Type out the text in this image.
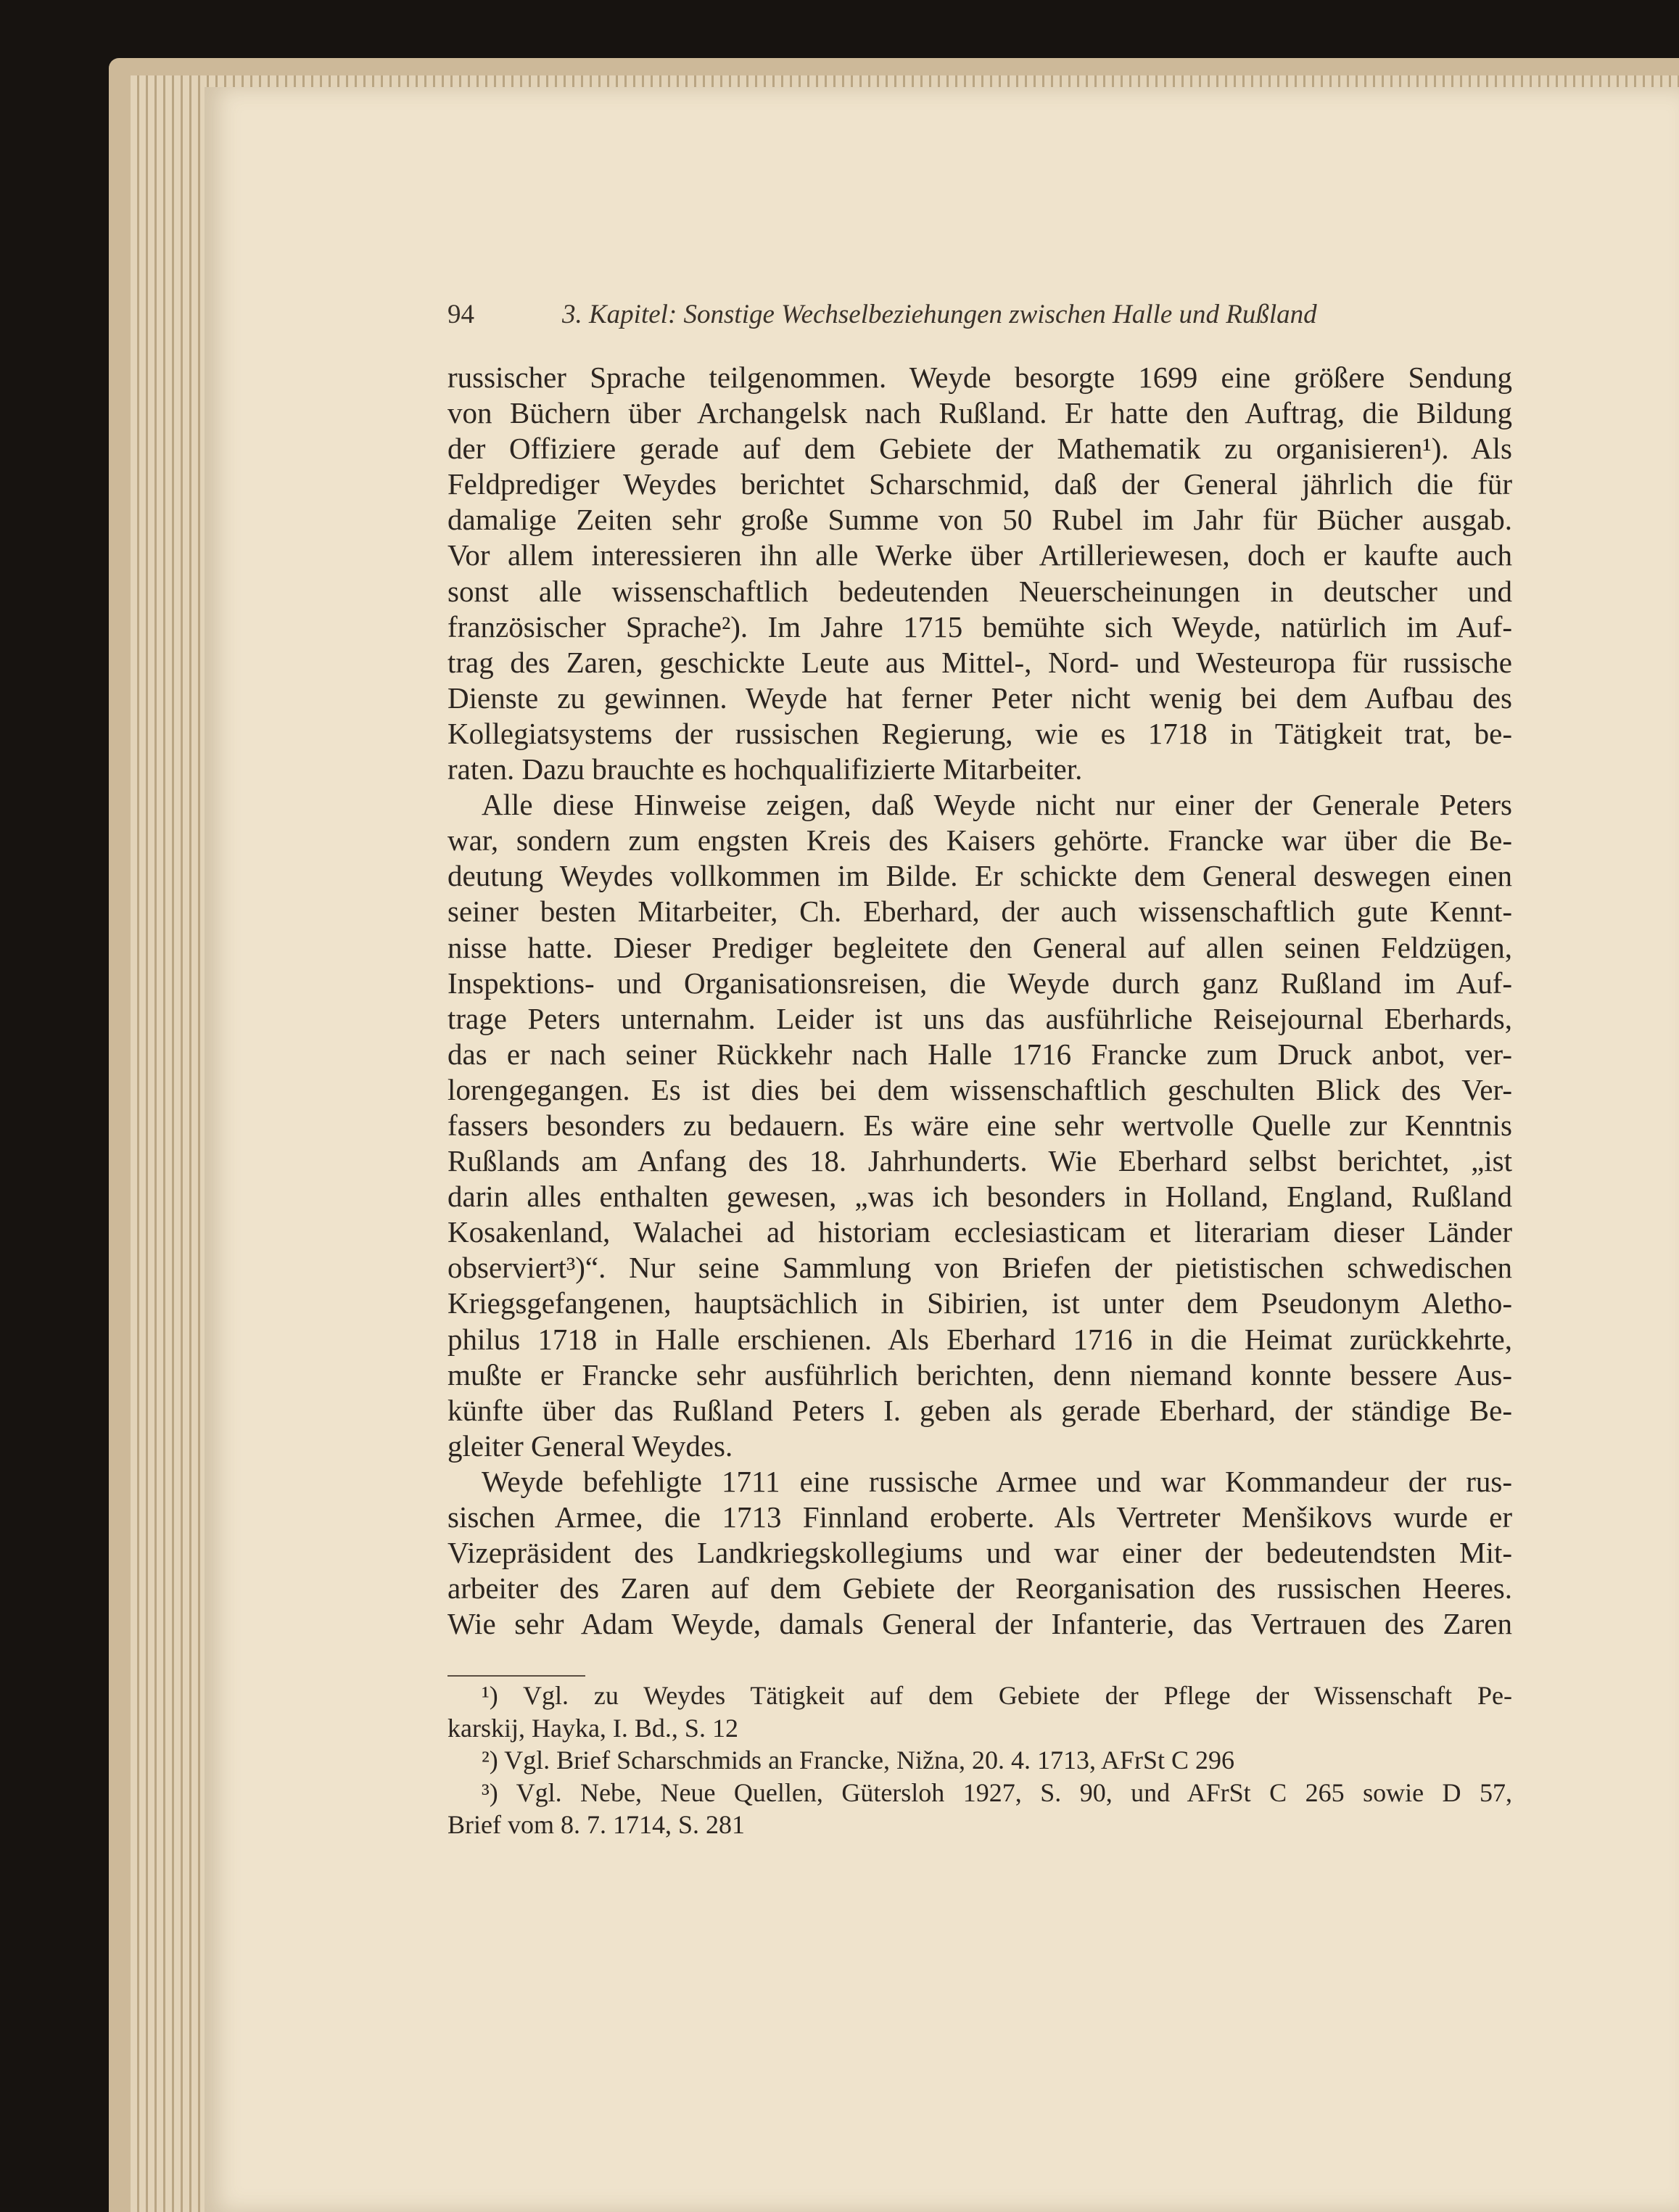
94	3. Kapitel: Sonstige Wechselbeziehungen zwischen Halle und Rußland
russischer Sprache teilgenommen. Weyde besorgte 1699 eine größere Sendung
von Büchern über Archangelsk nach Rußland. Er hatte den Auftrag, die Bildung
der Offiziere gerade auf dem Gebiete der Mathematik zu organisieren¹). Als
Feldprediger Weydes berichtet Scharschmid, daß der General jährlich die für
damalige Zeiten sehr große Summe von 50 Rubel im Jahr für Bücher ausgab.
Vor allem interessieren ihn alle Werke über Artilleriewesen, doch er kaufte auch
sonst alle wissenschaftlich bedeutenden Neuerscheinungen in deutscher und
französischer Sprache²). Im Jahre 1715 bemühte sich Weyde, natürlich im Auf-
trag des Zaren, geschickte Leute aus Mittel-, Nord- und Westeuropa für russische
Dienste zu gewinnen. Weyde hat ferner Peter nicht wenig bei dem Aufbau des
Kollegiatsystems der russischen Regierung, wie es 1718 in Tätigkeit trat, be-
raten. Dazu brauchte es hochqualifizierte Mitarbeiter.
Alle diese Hinweise zeigen, daß Weyde nicht nur einer der Generale Peters
war, sondern zum engsten Kreis des Kaisers gehörte. Francke war über die Be-
deutung Weydes vollkommen im Bilde. Er schickte dem General deswegen einen
seiner besten Mitarbeiter, Ch. Eberhard, der auch wissenschaftlich gute Kennt-
nisse hatte. Dieser Prediger begleitete den General auf allen seinen Feldzügen,
Inspektions- und Organisationsreisen, die Weyde durch ganz Rußland im Auf-
trage Peters unternahm. Leider ist uns das ausführliche Reisejournal Eberhards,
das er nach seiner Rückkehr nach Halle 1716 Francke zum Druck anbot, ver-
lorengegangen. Es ist dies bei dem wissenschaftlich geschulten Blick des Ver-
fassers besonders zu bedauern. Es wäre eine sehr wertvolle Quelle zur Kenntnis
Rußlands am Anfang des 18. Jahrhunderts. Wie Eberhard selbst berichtet, „ist
darin alles enthalten gewesen, „was ich besonders in Holland, England, Rußland
Kosakenland, Walachei ad historiam ecclesiasticam et literariam dieser Länder
observiert³)“. Nur seine Sammlung von Briefen der pietistischen schwedischen
Kriegsgefangenen, hauptsächlich in Sibirien, ist unter dem Pseudonym Aletho-
philus 1718 in Halle erschienen. Als Eberhard 1716 in die Heimat zurückkehrte,
mußte er Francke sehr ausführlich berichten, denn niemand konnte bessere Aus-
künfte über das Rußland Peters I. geben als gerade Eberhard, der ständige Be-
gleiter General Weydes.
Weyde befehligte 1711 eine russische Armee und war Kommandeur der rus-
sischen Armee, die 1713 Finnland eroberte. Als Vertreter Menšikovs wurde er
Vizepräsident des Landkriegskollegiums und war einer der bedeutendsten Mit-
arbeiter des Zaren auf dem Gebiete der Reorganisation des russischen Heeres.
Wie sehr Adam Weyde, damals General der Infanterie, das Vertrauen des Zaren
¹) Vgl. zu Weydes Tätigkeit auf dem Gebiete der Pflege der Wissenschaft Pe-
karskij, Hayka, I. Bd., S. 12
²) Vgl. Brief Scharschmids an Francke, Nižna, 20. 4. 1713, AFrSt C 296
³) Vgl. Nebe, Neue Quellen, Gütersloh 1927, S. 90, und AFrSt C 265 sowie D 57,
Brief vom 8. 7. 1714, S. 281
